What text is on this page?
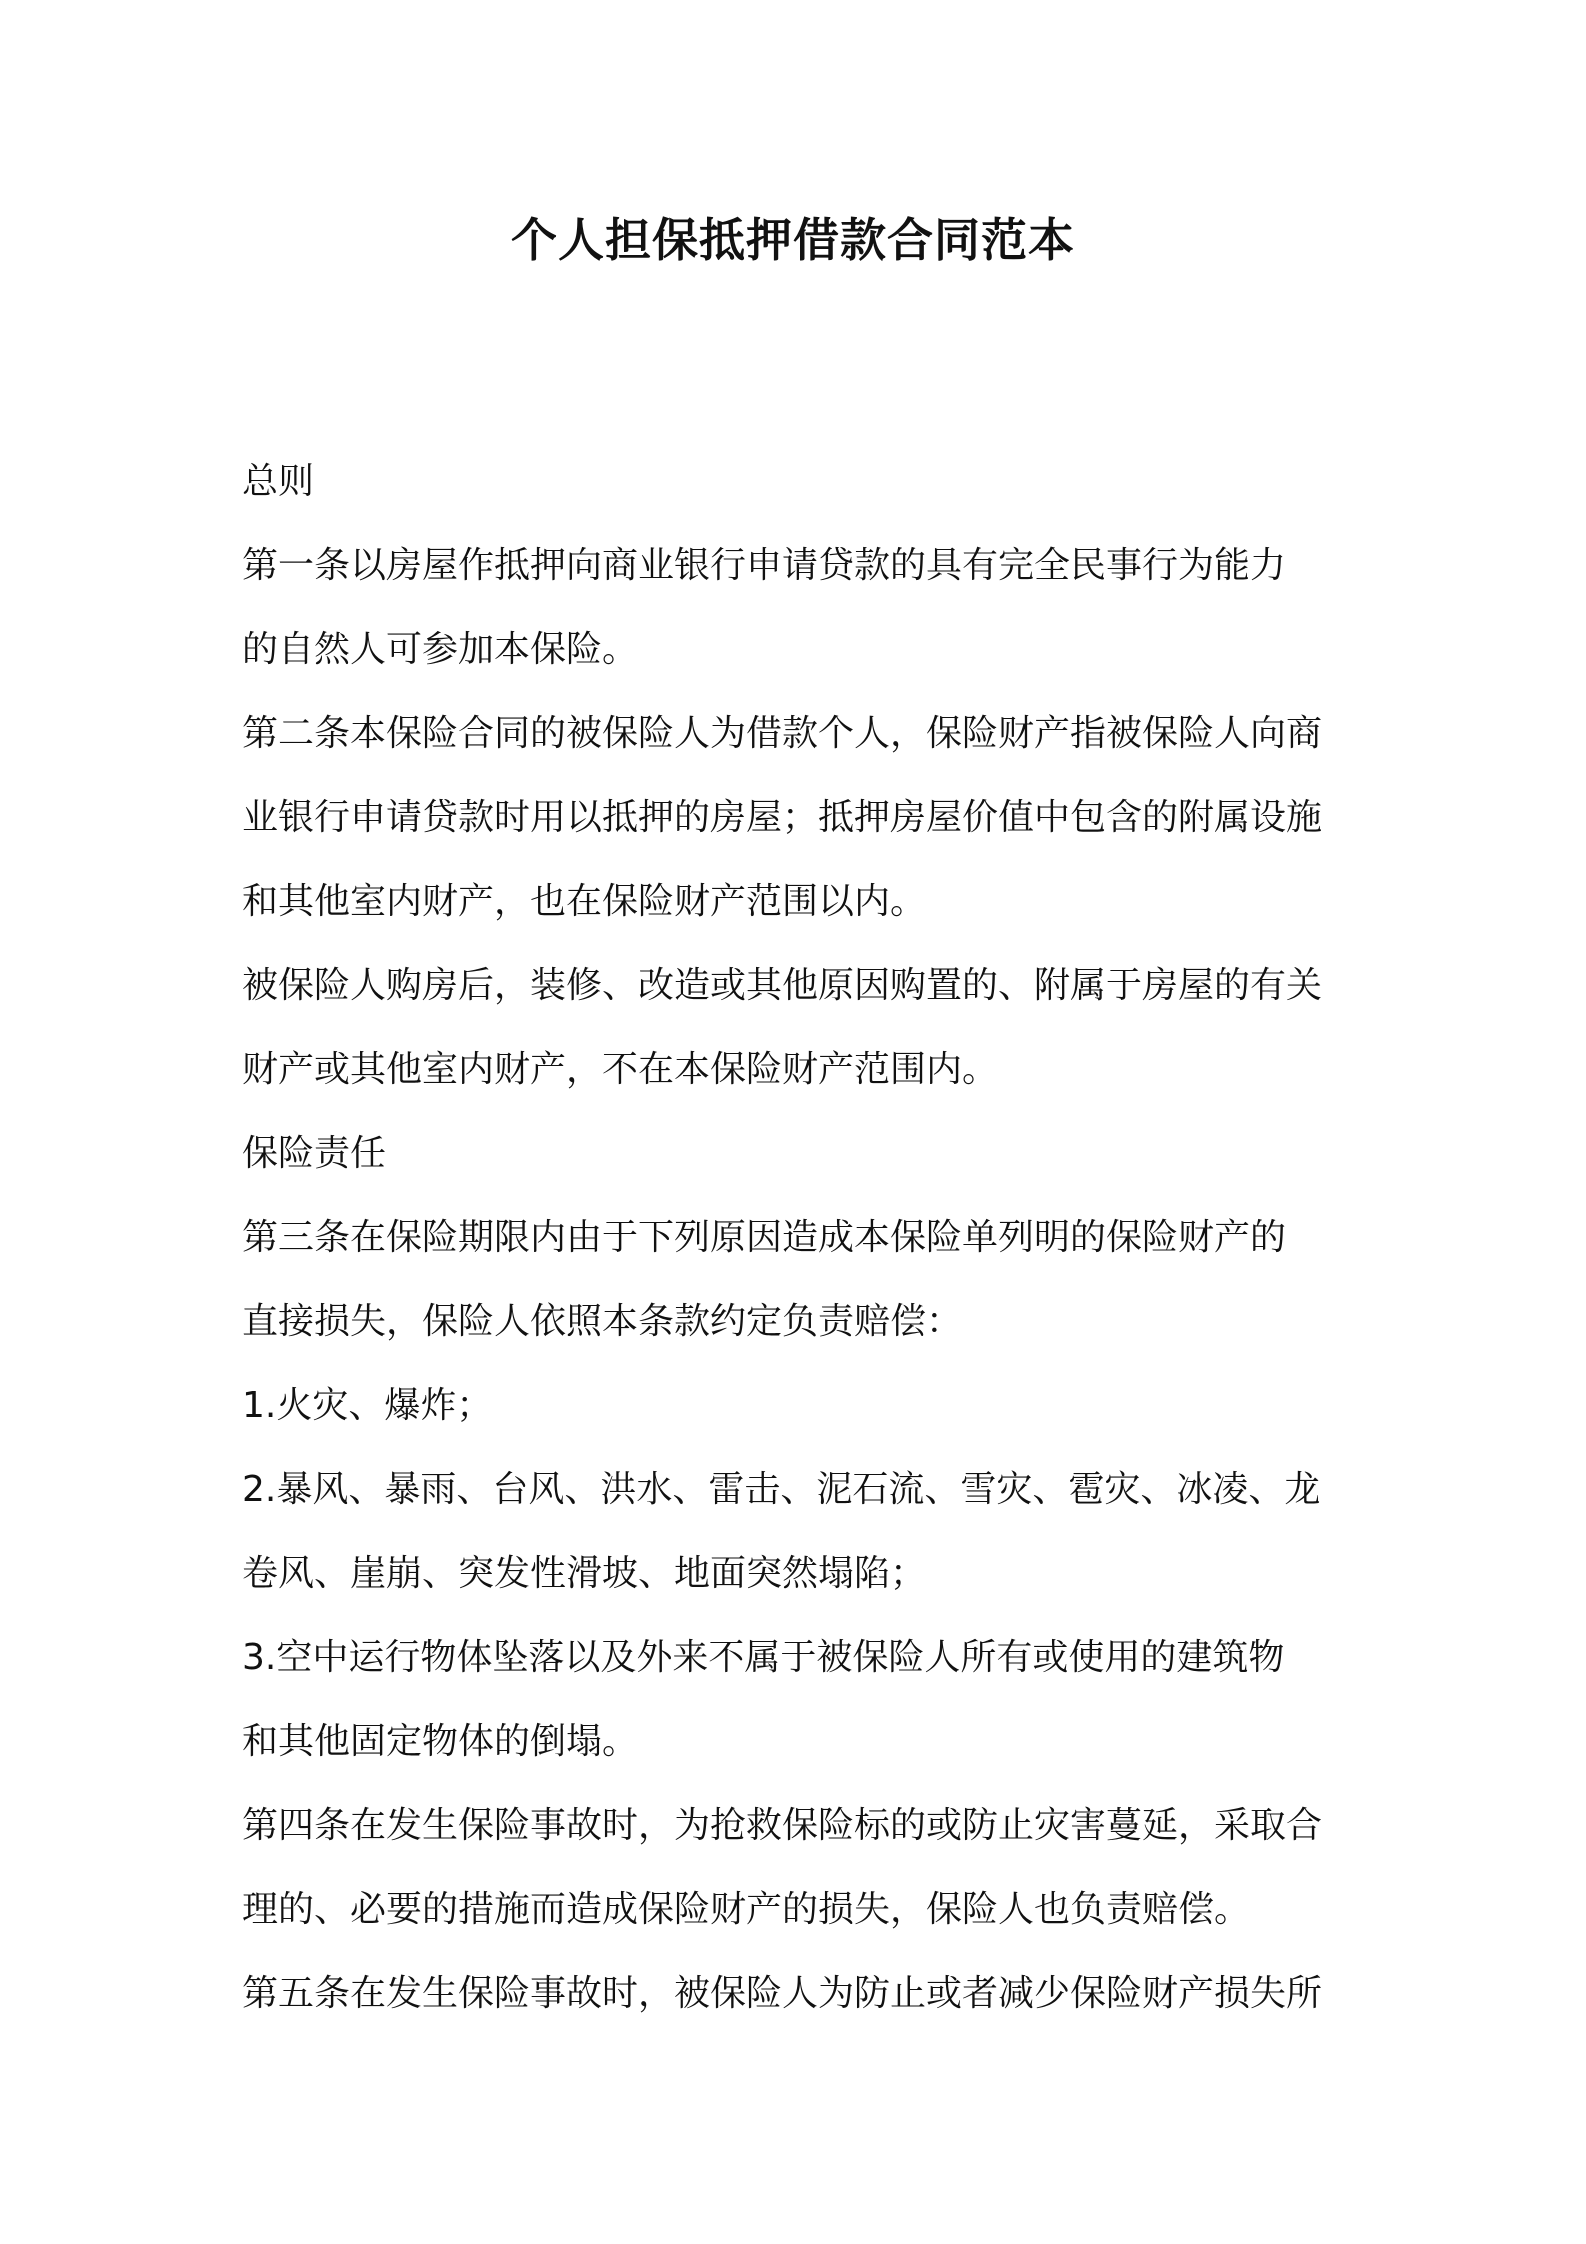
个人担保抵押借款合同范本

总则

第一条以房屋作抵押向商业银行申请贷款的具有完全民事行为能力

的自然人可参加本保险。

第二条本保险合同的被保险人为借款个人，保险财产指被保险人向商

业银行申请贷款时用以抵押的房屋；抵押房屋价值中包含的附属设施

和其他室内财产，也在保险财产范围以内。

被保险人购房后，装修、改造或其他原因购置的、附属于房屋的有关

财产或其他室内财产，不在本保险财产范围内。

保险责任

第三条在保险期限内由于下列原因造成本保险单列明的保险财产的

直接损失，保险人依照本条款约定负责赔偿：

1.火灾、爆炸；

2.暴风、暴雨、台风、洪水、雷击、泥石流、雪灾、雹灾、冰凌、龙

卷风、崖崩、突发性滑坡、地面突然塌陷；

3.空中运行物体坠落以及外来不属于被保险人所有或使用的建筑物

和其他固定物体的倒塌。

第四条在发生保险事故时，为抢救保险标的或防止灾害蔓延，采取合

理的、必要的措施而造成保险财产的损失，保险人也负责赔偿。

第五条在发生保险事故时，被保险人为防止或者减少保险财产损失所
